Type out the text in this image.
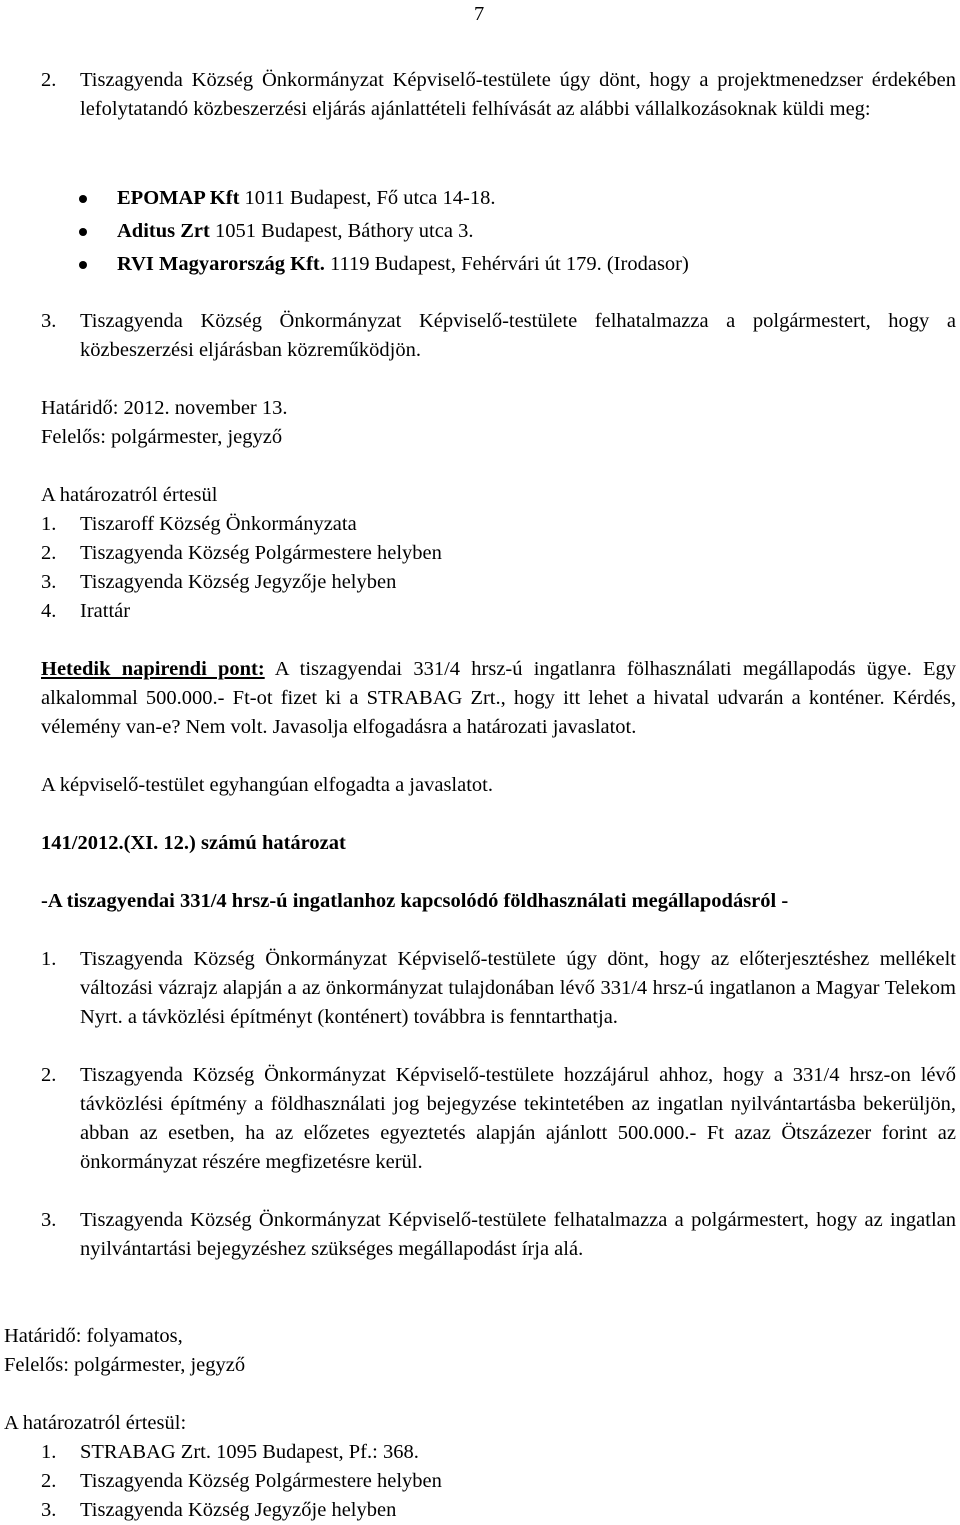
7
2. Tiszagyenda Község Önkormányzat Képviselő-testülete úgy dönt, hogy a projektmenedzser érdekében lefolytatandó közbeszerzési eljárás ajánlattételi felhívását az alábbi vállalkozásoknak küldi meg:
EPOMAP Kft 1011 Budapest, Fő utca 14-18.
Aditus Zrt 1051 Budapest, Báthory utca 3.
RVI Magyarország Kft. 1119 Budapest, Fehérvári út 179. (Irodasor)
3. Tiszagyenda Község Önkormányzat Képviselő-testülete felhatalmazza a polgármestert, hogy a közbeszerzési eljárásban közreműködjön.
Határidő: 2012. november 13.
Felelős: polgármester, jegyző
A határozatról értesül
1. Tiszaroff Község Önkormányzata
2. Tiszagyenda Község Polgármestere helyben
3. Tiszagyenda Község Jegyzője helyben
4. Irattár
Hetedik napirendi pont: A tiszagyendai 331/4 hrsz-ú ingatlanra fölhasználati megállapodás ügye. Egy alkalommal 500.000.- Ft-ot fizet ki a STRABAG Zrt., hogy itt lehet a hivatal udvarán a konténer. Kérdés, vélemény van-e? Nem volt. Javasolja elfogadásra a határozati javaslatot.
A képviselő-testület egyhangúan elfogadta a javaslatot.
141/2012.(XI. 12.) számú határozat
-A tiszagyendai 331/4 hrsz-ú ingatlanhoz kapcsolódó földhasználati megállapodásról -
1. Tiszagyenda Község Önkormányzat Képviselő-testülete úgy dönt, hogy az előterjesztéshez mellékelt változási vázrajz alapján a az önkormányzat tulajdonában lévő 331/4 hrsz-ú ingatlanon a Magyar Telekom Nyrt. a távközlési építményt (konténert) továbbra is fenntarthatja.
2. Tiszagyenda Község Önkormányzat Képviselő-testülete hozzájárul ahhoz, hogy a 331/4 hrsz-on lévő távközlési építmény a földhasználati jog bejegyzése tekintetében az ingatlan nyilvántartásba bekerüljön, abban az esetben, ha az előzetes egyeztetés alapján ajánlott 500.000.- Ft azaz Ötszázezer forint az önkormányzat részére megfizetésre kerül.
3. Tiszagyenda Község Önkormányzat Képviselő-testülete felhatalmazza a polgármestert, hogy az ingatlan nyilvántartási bejegyzéshez szükséges megállapodást írja alá.
Határidő: folyamatos,
Felelős: polgármester, jegyző
A határozatról értesül:
1. STRABAG Zrt. 1095 Budapest, Pf.: 368.
2. Tiszagyenda Község Polgármestere helyben
3. Tiszagyenda Község Jegyzője helyben
